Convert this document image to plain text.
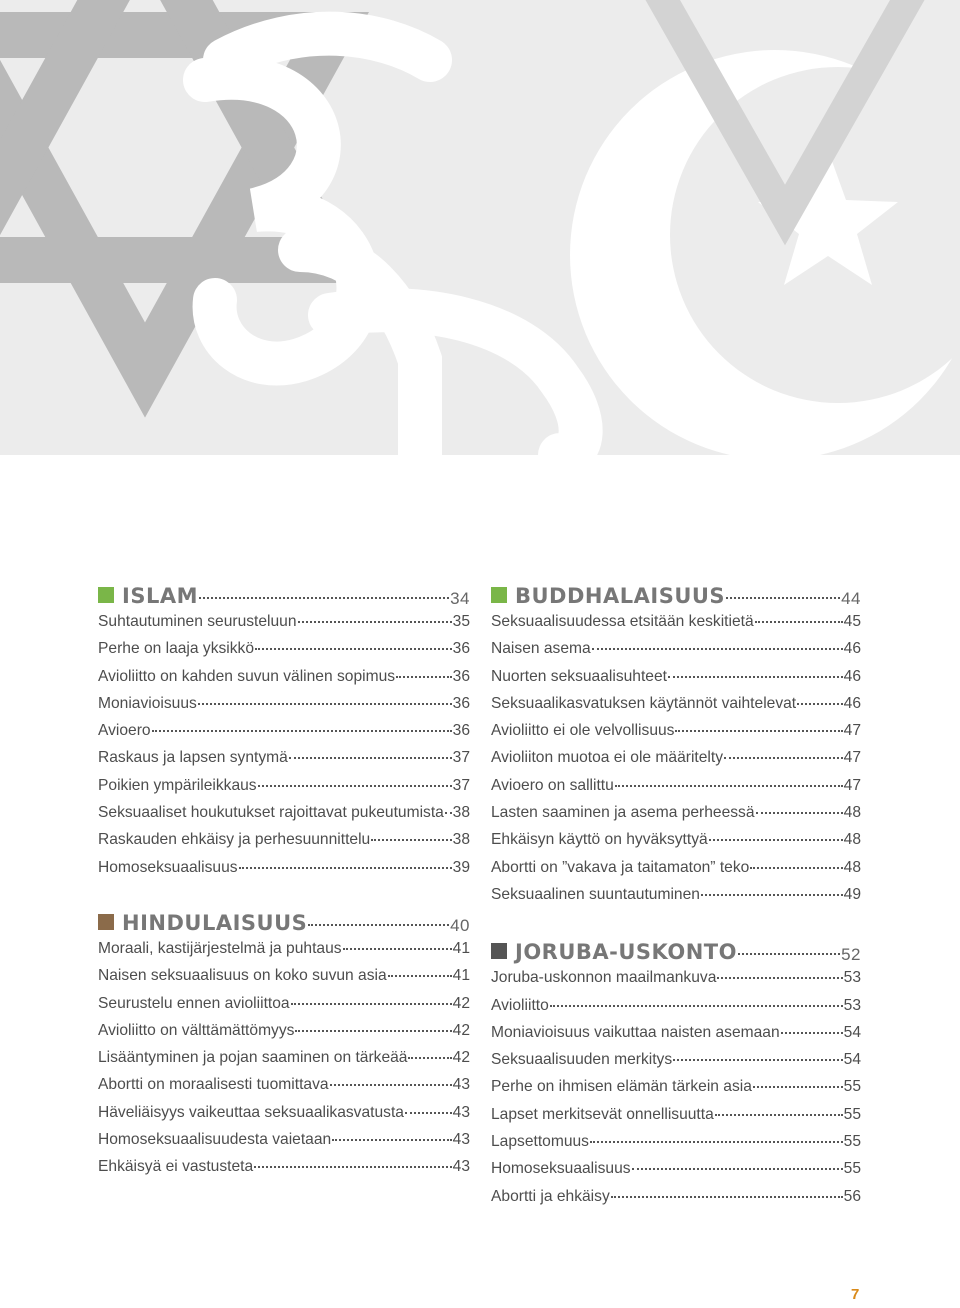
ISLAM	34
Suhtautuminen seurusteluun	35
Perhe on laaja yksikkö	36
Avioliitto on kahden suvun välinen sopimus	36
Moniavioisuus	36
Avioero	36
Raskaus ja lapsen syntymä	37
Poikien ympärileikkaus	37
Seksuaaliset houkutukset rajoittavat pukeutumista 38
Raskauden ehkäisy ja perhesuunnittelu	38
Homoseksuaalisuus	39
HINDULAISUUS	40
Moraali, kastijärjestelmä ja puhtaus	41
Naisen seksuaalisuus on koko suvun asia	41
Seurustelu ennen avioliittoa	42
Avioliitto on välttämättömyys	42
Lisääntyminen ja pojan saaminen on tärkeää	42
Abortti on moraalisesti tuomittava	43
Häveliäisyys vaikeuttaa seksuaalikasvatusta	43
Homoseksuaalisuudesta vaietaan	43
Ehkäisyä ei vastusteta	43
BUDDHALAISUUS	44
Seksuaalisuudessa etsitään keskitietä	45
Naisen asema	46
Nuorten seksuaalisuhteet	46
Seksuaalikasvatuksen käytännöt vaihtelevat	46
Avioliitto ei ole velvollisuus	47
Avioliiton muotoa ei ole määritelty	47
Avioero on sallittu	47
Lasten saaminen ja asema perheessä	48
Ehkäisyn käyttö on hyväksyttyä	48
Abortti on ”vakava ja taitamaton” teko	48
Seksuaalinen suuntautuminen	49
JORUBA-USKONTO	52
Joruba-uskonnon maailmankuva	53
Avioliitto	53
Moniavioisuus vaikuttaa naisten asemaan	54
Seksuaalisuuden merkitys	54
Perhe on ihmisen elämän tärkein asia	55
Lapset merkitsevät onnellisuutta	55
Lapsettomuus	55
Homoseksuaalisuus	55
Abortti ja ehkäisy	56
7
